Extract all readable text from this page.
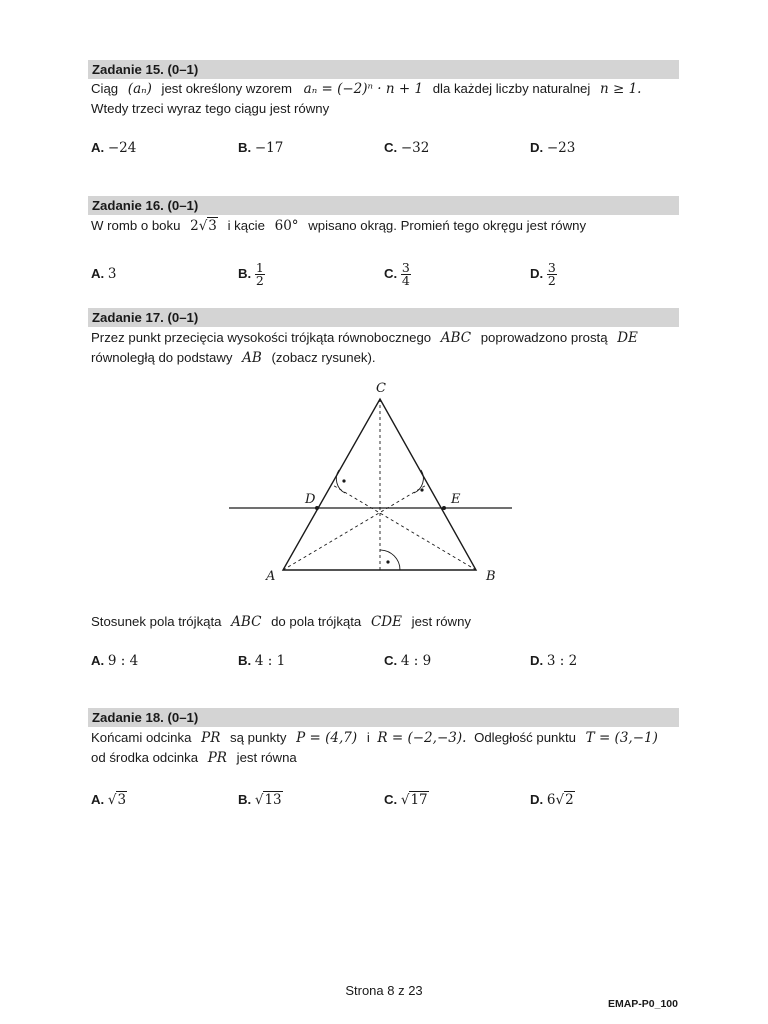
Zadanie 15. (0–1)
Ciąg (aₙ) jest określony wzorem aₙ = (−2)ⁿ · n + 1 dla każdej liczby naturalnej n ≥ 1.
Wtedy trzeci wyraz tego ciągu jest równy
A. −24	B. −17	C. −32	D. −23
Zadanie 16. (0–1)
W romb o boku 2√3 i kącie 60° wpisano okrąg. Promień tego okręgu jest równy
A. 3	B. $\frac{1}{2}$	C. $\frac{3}{4}$	D. $\frac{3}{2}$
Zadanie 17. (0–1)
Przez punkt przecięcia wysokości trójkąta równobocznego ABC poprowadzono prostą DE
równoległą do podstawy AB (zobacz rysunek).
C
D	E
A	B
Stosunek pola trójkąta ABC do pola trójkąta CDE jest równy
A. 9 : 4	B. 4 : 1	C. 4 : 9	D. 3 : 2
Zadanie 18. (0–1)
Końcami odcinka PR są punkty P = (4,7) i R = (−2,−3). Odległość punktu T = (3,−1)
od środka odcinka PR jest równa
A. √3	B. √13	C. √17	D. 6√2
Strona 8 z 23
EMAP-P0_100
